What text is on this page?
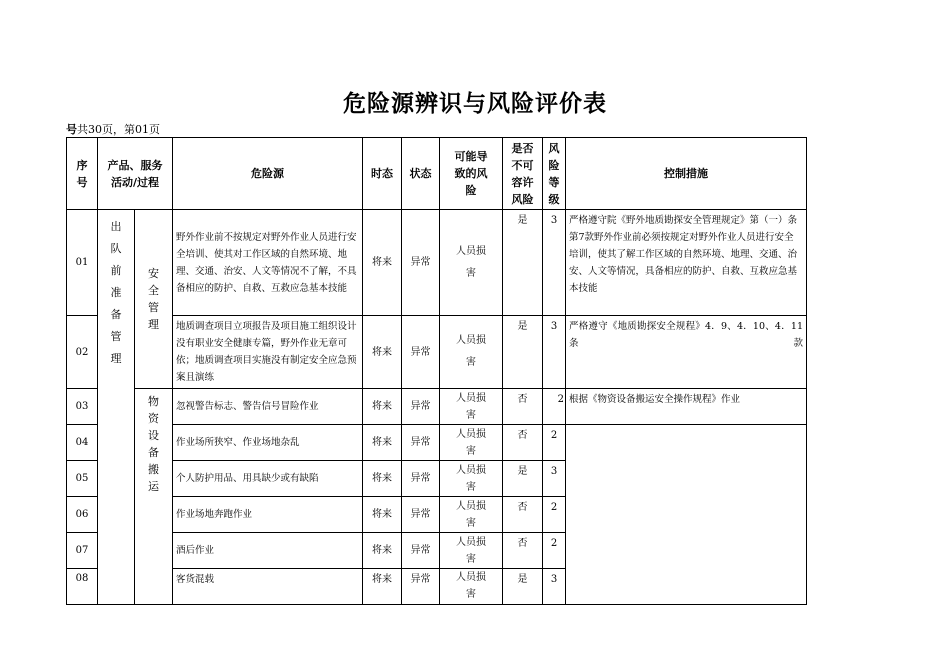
危险源辨识与风险评价表
号共30页，第01页
序号	产品、服务活动/过程		危险源	时态	状态	可能导致的风险	是否不可容许风险	风险等级	控制措施	
01	出队前准备管理	安全管理	野外作业前不按规定对野外作业人员进行安全培训、使其对工作区域的自然环境、地理、交通、治安、人文等情况不了解，不具备相应的防护、自救、互救应急基本技能	将来	异常	人员损害	是	3	严格遵守院《野外地质勘探安全管理规定》第（一）条第7款野外作业前必须按规定对野外作业人员进行安全培训，使其了解工作区域的自然环境、地理、交通、治安、人文等情况，具备相应的防护、自救、互救应急基本技能	
02			地质调查项目立项报告及项目施工组织设计没有职业安全健康专篇，野外作业无章可依；地质调查项目实施没有制定安全应急预案且演练	将来	异常	人员损害	是	3	严格遵守《地质勘探安全规程》4．9、4．10、4．11条款	
03		物资设备搬运	忽视警告标志、警告信号冒险作业	将来	异常	人员损害	否	2	根据《物资设备搬运安全操作规程》作业	
04			作业场所狭窄、作业场地杂乱	将来	异常	人员损害	否	2		
05			个人防护用品、用具缺少或有缺陷	将来	异常	人员损害	是	3		
06			作业场地奔跑作业	将来	异常	人员损害	否	2		
07			酒后作业	将来	异常	人员损害	否	2		
08			客货混载	将来	异常	人员损害	是	3		
